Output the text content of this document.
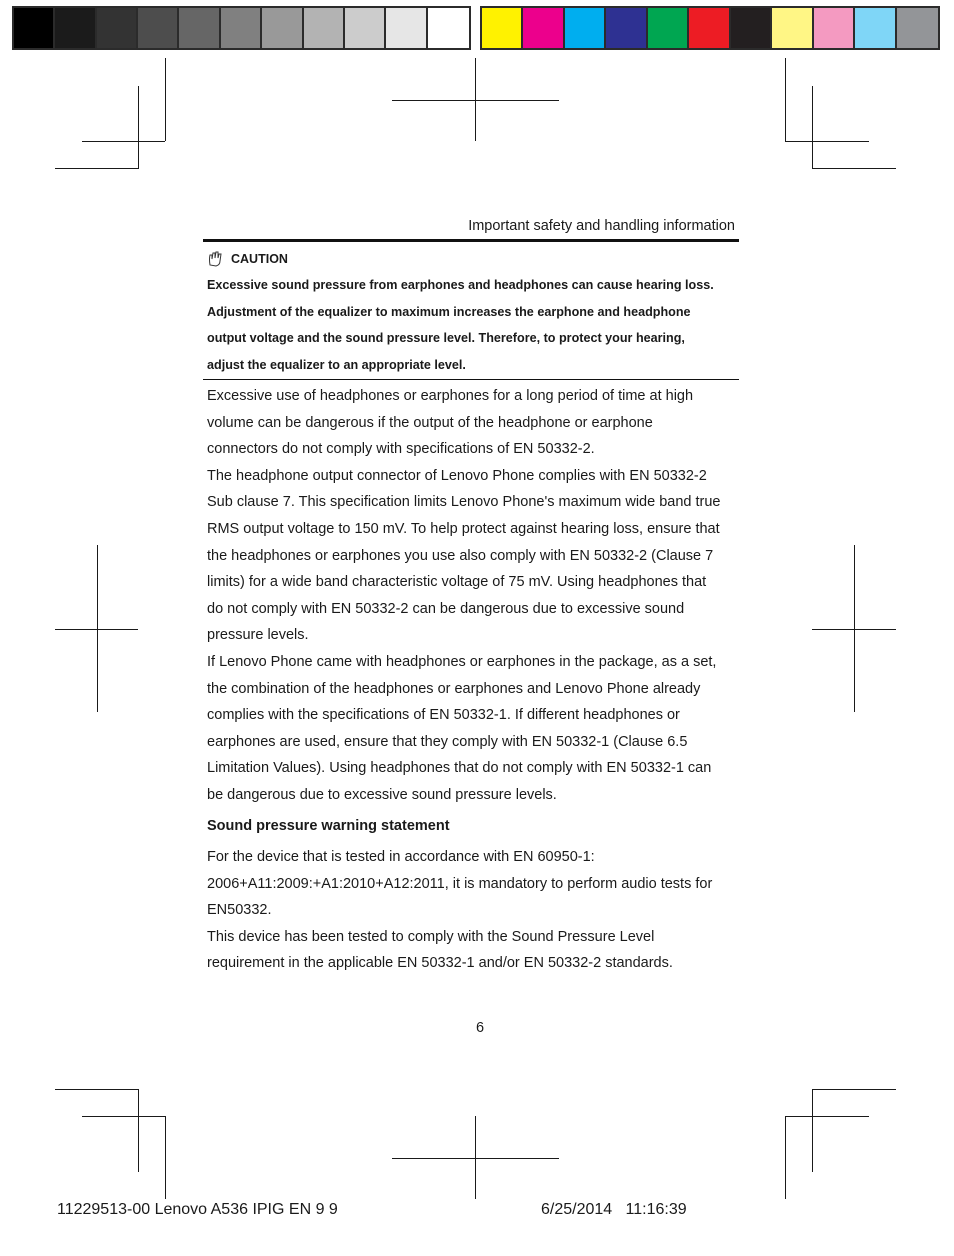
Important safety and handling information
CAUTION

Excessive sound pressure from earphones and headphones can cause hearing loss.

Adjustment of the equalizer to maximum increases the earphone and headphone

output voltage and the sound pressure level. Therefore, to protect your hearing,

adjust the equalizer to an appropriate level.

Excessive use of headphones or earphones for a long period of time at high

volume can be dangerous if the output of the headphone or earphone

connectors do not comply with specifications of EN 50332-2.

The headphone output connector of Lenovo Phone complies with EN 50332-2

Sub clause 7. This specification limits Lenovo Phone's maximum wide band true

RMS output voltage to 150 mV. To help protect against hearing loss, ensure that

the headphones or earphones you use also comply with EN 50332-2 (Clause 7

limits) for a wide band characteristic voltage of 75 mV. Using headphones that

do not comply with EN 50332-2 can be dangerous due to excessive sound

pressure levels.

If Lenovo Phone came with headphones or earphones in the package, as a set,

the combination of the headphones or earphones and Lenovo Phone already

complies with the specifications of EN 50332-1. If different headphones or

earphones are used, ensure that they comply with EN 50332-1 (Clause 6.5

Limitation Values). Using headphones that do not comply with EN 50332-1 can

be dangerous due to excessive sound pressure levels.

Sound pressure warning statement

For the device that is tested in accordance with EN 60950-1:

2006+A11:2009:+A1:2010+A12:2011, it is mandatory to perform audio tests for

EN50332.

This device has been tested to comply with the Sound Pressure Level

requirement in the applicable EN 50332-1 and/or EN 50332-2 standards.

6
11229513-00 Lenovo A536 IPIG EN 9 9	6/25/2014   11:16:39
